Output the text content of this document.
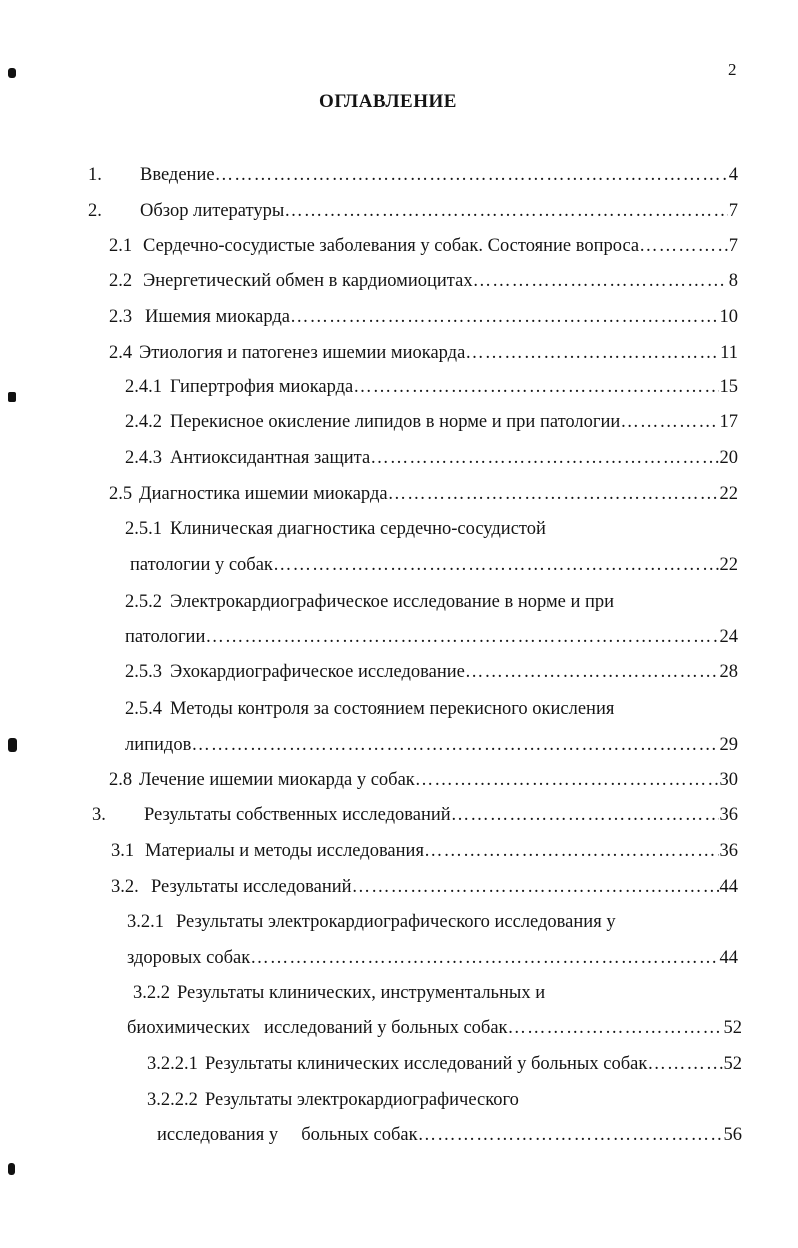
2
ОГЛАВЛЕНИЕ
1.	Введение …………………………………………………………………………………………………………………………………………………………………………………………………………	4
2.	Обзор литературы …………………………………………………………………………………………………………………………………………………………………………………………………………	7
2.1 Сердечно-сосудистые заболевания у собак. Состояние вопроса …………………………………………………………………………………………………………………………………………………………………………………………………………	7
2.2 Энергетический обмен в кардиомиоцитах …………………………………………………………………………………………………………………………………………………………………………………………………………	8
2.3 Ишемия миокарда …………………………………………………………………………………………………………………………………………………………………………………………………………	10
2.4 Этиология и патогенез ишемии миокарда …………………………………………………………………………………………………………………………………………………………………………………………………………	11
2.4.1 Гипертрофия миокарда …………………………………………………………………………………………………………………………………………………………………………………………………………	15
2.4.2 Перекисное окисление липидов в норме и при патологии …………………………………………………………………………………………………………………………………………………………………………………………………………	17
2.4.3 Антиоксидантная защита …………………………………………………………………………………………………………………………………………………………………………………………………………	20
2.5 Диагностика ишемии миокарда …………………………………………………………………………………………………………………………………………………………………………………………………………	22
2.5.1 Клиническая диагностика сердечно-сосудистой
патологии у собак …………………………………………………………………………………………………………………………………………………………………………………………………………	22
2.5.2 Электрокардиографическое исследование в норме и при
патологии …………………………………………………………………………………………………………………………………………………………………………………………………………	24
2.5.3 Эхокардиографическое исследование …………………………………………………………………………………………………………………………………………………………………………………………………………	28
2.5.4 Методы контроля за состоянием перекисного окисления
липидов …………………………………………………………………………………………………………………………………………………………………………………………………………	29
2.8 Лечение ишемии миокарда у собак …………………………………………………………………………………………………………………………………………………………………………………………………………	30
3.	Результаты собственных исследований …………………………………………………………………………………………………………………………………………………………………………………………………………	36
3.1 Материалы и методы исследования …………………………………………………………………………………………………………………………………………………………………………………………………………	36
3.2. Результаты исследований …………………………………………………………………………………………………………………………………………………………………………………………………………	44
3.2.1 Результаты электрокардиографического исследования у
здоровых собак …………………………………………………………………………………………………………………………………………………………………………………………………………	44
3.2.2 Результаты клинических, инструментальных и
биохимических   исследований у больных собак …………………………………………………………………………………………………………………………………………………………………………………………………………	52
3.2.2.1 Результаты клинических исследований у больных собак …………………………………………………………………………………………………………………………………………………………………………………………………………	52
3.2.2.2 Результаты электрокардиографического
исследования у     больных собак …………………………………………………………………………………………………………………………………………………………………………………………………………	56
